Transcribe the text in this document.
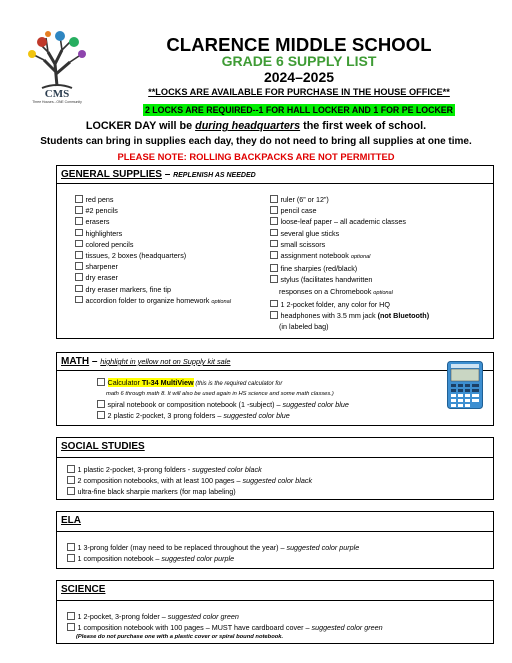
CMS
Three Houses...ONE Community
CLARENCE MIDDLE SCHOOL
GRADE 6 SUPPLY LIST
2024–2025
**LOCKS ARE AVAILABLE FOR PURCHASE IN THE HOUSE OFFICE**
2 LOCKS ARE REQUIRED--1 FOR HALL LOCKER AND 1 FOR PE LOCKER
LOCKER DAY will be during headquarters the first week of school.
Students can bring in supplies each day, they do not need to bring all supplies at one time.
PLEASE NOTE: ROLLING BACKPACKS ARE NOT PERMITTED
GENERAL SUPPLIES – REPLENISH AS NEEDED
red pens
#2 pencils
erasers
highlighters
colored pencils
tissues, 2 boxes (headquarters)
sharpener
dry eraser
dry eraser markers, fine tip
accordion folder to organize homework optional
ruler (6” or 12”)
pencil case
loose-leaf paper – all academic classes
several glue sticks
small scissors
assignment notebook optional
fine sharpies (red/black)
stylus (facilitates handwritten
responses on a Chromebook optional
1 2-pocket folder, any color for HQ
headphones with 3.5 mm jack (not Bluetooth)
(in labeled bag)
MATH – highlight in yellow not on Supply kit sale
Calculator TI-34 MultiView (this is the required calculator for
math 6 through math 8. It will also be used again in HS science and some math classes.)
spiral notebook or composition notebook (1 -subject) – suggested color blue
2 plastic 2-pocket, 3 prong folders – suggested color blue
SOCIAL STUDIES
1 plastic 2-pocket, 3-prong folders - suggested color black
2 composition notebooks, with at least 100 pages – suggested color black
ultra-fine black sharpie markers (for map labeling)
ELA
1 3-prong folder (may need to be replaced throughout the year) – suggested color purple
1 composition notebook – suggested color purple
SCIENCE
1 2-pocket, 3-prong folder – suggested color green
1 composition notebook with 100 pages – MUST have cardboard cover – suggested color green
(Please do not purchase one with a plastic cover or spiral bound notebook.
